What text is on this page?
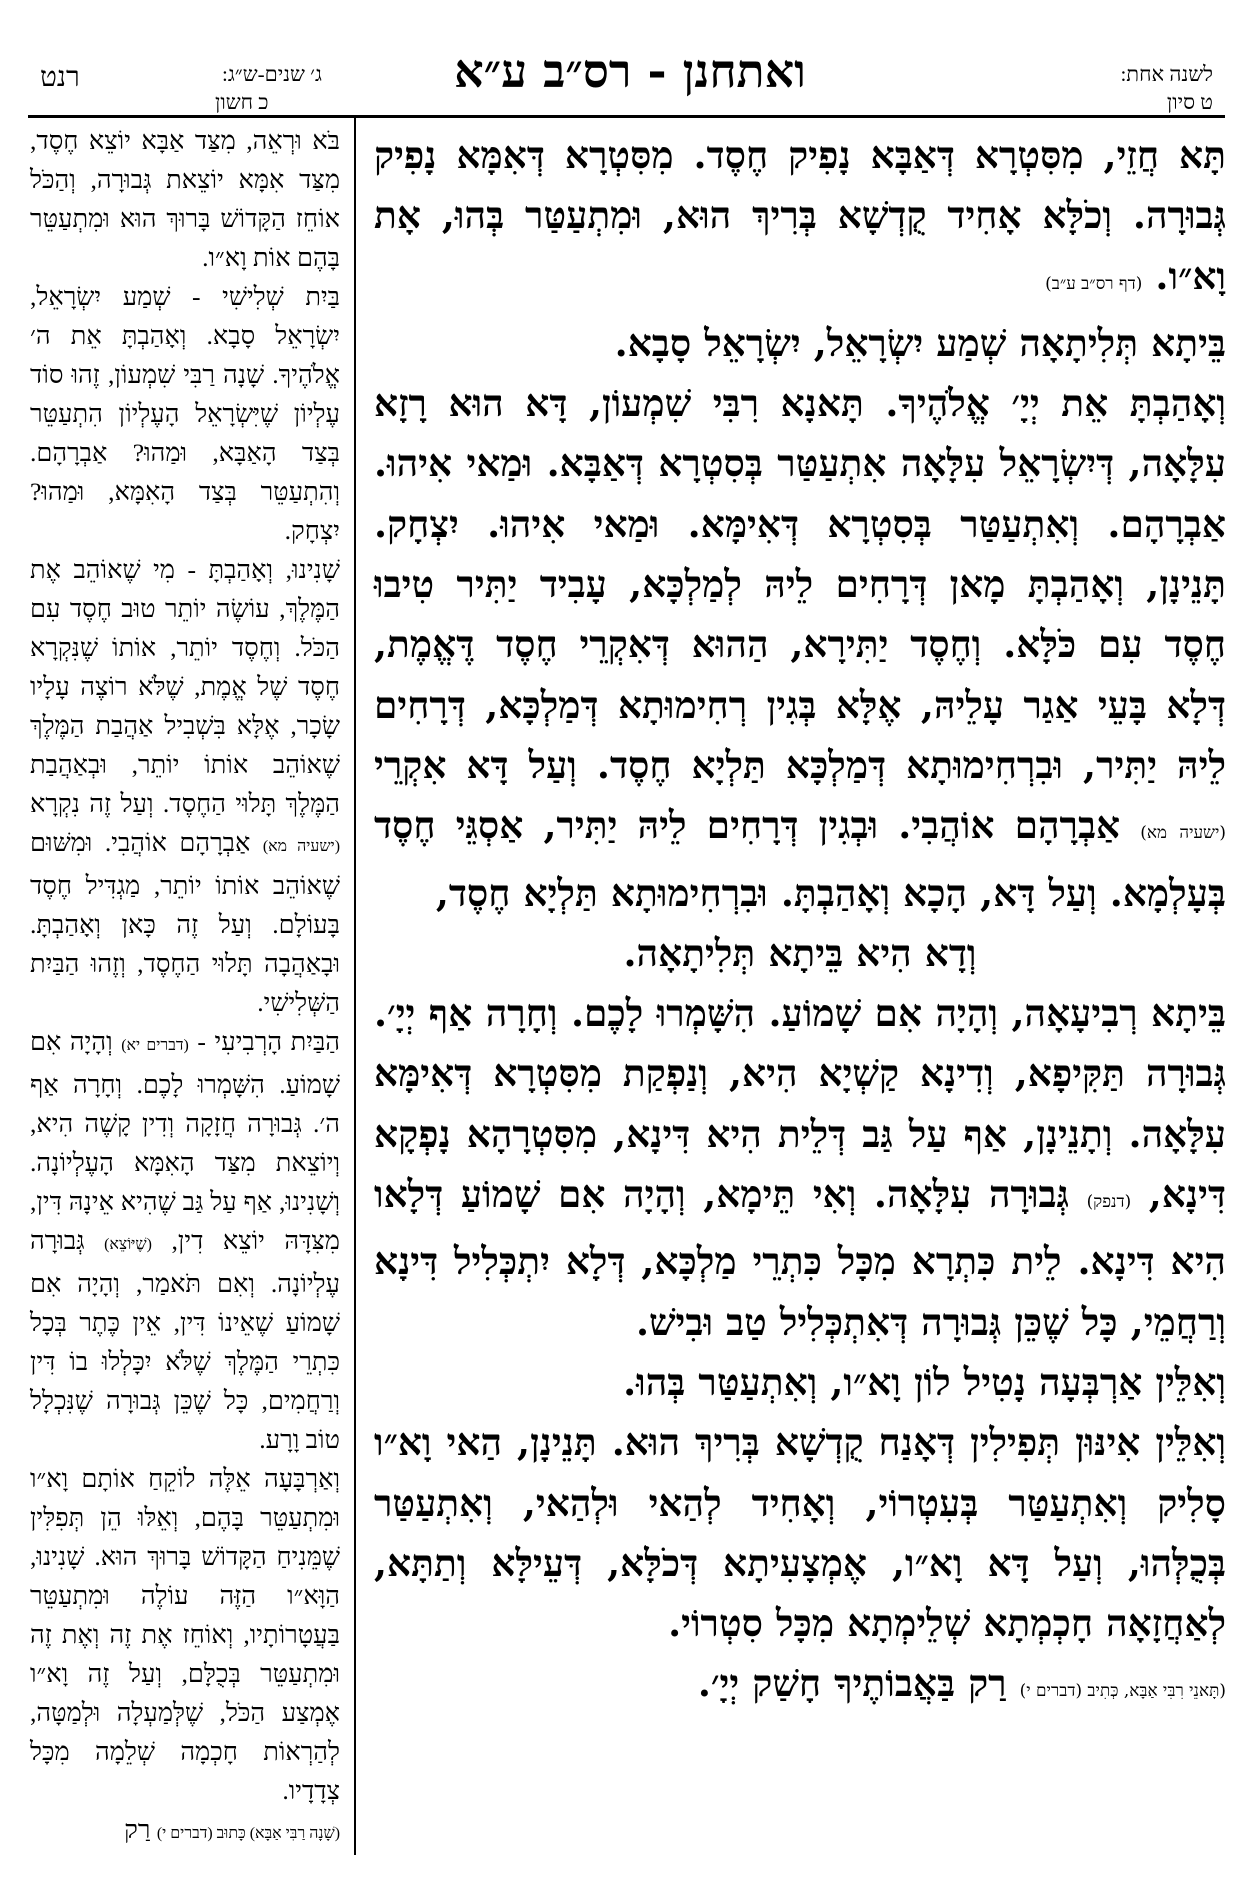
רנט	ג׳ שנים-ש״ג:
כ חשון
ואתחנן - רס״ב ע״א	לשנה אחת:
ט סיון

תָּא חֲזֵי, מִסִּטְרָא דְּאַבָּא נָפִיק חֶסֶד. מִסִּטְרָא דְּאִמָּא נָפִיק גְּבוּרָה. וְכֹלָּא אָחִיד קֻדְשָׁא בְּרִיךְ הוּא, וּמִתְעַטַּר בְּהוּ, אָת וָא״ו. (דף רס״ב ע״ב)

בֵּיתָא תְּלִיתָאָה שְׁמַע יִשְׂרָאֵל, יִשְׂרָאֵל סָבָא.

וְאָהַבְתָּ אֵת יְיָ׳ אֱלֹהֶיךָ. תָּאנָא רִבִּי שִׁמְעוֹן, דָּא הוּא רָזָא עִלָּאָה, דְּיִשְׂרָאֵל עִלָּאָה אִתְעַטַּר בְּסִטְרָא דְּאַבָּא. וּמַאי אִיהוּ. אַבְרָהָם. וְאִתְעַטַּר בְּסִטְרָא דְּאִימָּא. וּמַאי אִיהוּ. יִצְחָק. תָּנֵינָן, וְאָהַבְתָּ מָאן דְּרָחִים לֵיהּ לְמַלְכָּא, עָבִיד יַתִּיר טִיבוּ חֶסֶד עִם כֹּלָּא. וְחֶסֶד יַתִּירָא, הַהוּא דְּאִקְרֵי חֶסֶד דֶּאֱמֶת, דְּלָא בָּעֵי אַגַר עָלֵיהּ, אֶלָּא בְּגִין רְחִימוּתָא דְּמַלְכָּא, דְּרָחִים לֵיהּ יַתִּיר, וּבִרְחִימוּתָא דְּמַלְכָּא תַּלְיָא חֶסֶד. וְעַל דָּא אִקְרֵי (ישעיה מא) אַבְרָהָם אוֹהֲבִי. וּבְגִין דְּרָחִים לֵיהּ יַתִּיר, אַסְגֵּי חֶסֶד בְּעָלְמָא. וְעַל דָּא, הָכָא וְאָהַבְתָּ. וּבִרְחִימוּתָא תַּלְיָא חֶסֶד,

וְדָא הִיא בֵּיתָא תְּלִיתָאָה.

בֵּיתָא רְבִיעָאָה, וְהָיָה אִם שָׁמוֹעַ. הִשָּׁמְרוּ לָכֶם. וְחָרָה אַף יְיָ׳. גְּבוּרָה תַּקִּיפָא, וְדִינָא קַשְׁיָא הִיא, וְנַפְקַת מִסִּטְרָא דְּאִימָּא עִלָּאָה. וְתָנֵינָן, אַף עַל גַּב דְּלֵית הִיא דִּינָא, מִסִּטְרָהָא נָפְקָא דִּינָא, (דנפק) גְּבוּרָה עִלָּאָה. וְאִי תֵּימָא, וְהָיָה אִם שָׁמוֹעַ דְּלָאו הִיא דִּינָא. לֵית כִּתְרָא מִכָּל כִּתְרֵי מַלְכָּא, דְּלָא יִתְכְּלִיל דִּינָא וְרַחֲמֵי, כָּל שֶׁכֵּן גְּבוּרָה דְּאִתְכְּלִיל טַב וּבִישׁ.

וְאִלֵּין אַרְבְּעָה נָטִיל לוֹן וָא״ו, וְאִתְעַטַּר בְּהוּ.

וְאִלֵּין אִינּוּן תְּפִילִין דְּאָנַח קֻדְשָׁא בְּרִיךְ הוּא. תָּנֵינָן, הַאי וָא״ו סָלִיק וְאִתְעַטַּר בְּעִטְרוֹי, וְאָחִיד לְהַאי וּלְהַאי, וְאִתְעַטַּר בְּכֻלְּהוּ, וְעַל דָּא וָא״ו, אֶמְצָעִיתָא דְּכֹלָּא, דְּעֵילָּא וְתַתָּא, לְאַחֲזָאָה חָכְמְתָא שְׁלֵימְתָא מִכָּל סִטְרוֹי.

(תָּאנֵי רִבִּי אַבָּא, כְּתִיב (דברים י) רַק בַּאֲבוֹתֶיךָ חָשַׁק יְיָ׳.

בֹּא וּרְאֵה, מִצַּד אַבָּא יוֹצֵא חֶסֶד, מִצַּד אִמָּא יוֹצֵאת גְּבוּרָה, וְהַכֹּל אוֹחֵז הַקָּדוֹשׁ בָּרוּךְ הוּא וּמִתְעַטֵּר בָּהֶם אוֹת וָא״ו.

בַּיִת שְׁלִישִׁי - שְׁמַע יִשְׂרָאֵל, יִשְׂרָאֵל סָבָא. וְאָהַבְתָּ אֵת ה׳ אֱלֹהֶיךָ. שָׁנָה רַבִּי שִׁמְעוֹן, זֶהוּ סוֹד עֶלְיוֹן שֶׁיִּשְׂרָאֵל הָעֶלְיוֹן הִתְעַטֵּר בְּצַד הָאַבָּא, וּמַהוּ? אַבְרָהָם. וְהִתְעַטֵּר בְּצַד הָאִמָּא, וּמַהוּ? יִצְחָק.

שָׁנִינוּ, וְאָהַבְתָּ - מִי שֶׁאוֹהֵב אֶת הַמֶּלֶךְ, עוֹשֶׂה יוֹתֵר טוּב חֶסֶד עִם הַכֹּל. וְחֶסֶד יוֹתֵר, אוֹתוֹ שֶׁנִּקְרָא חֶסֶד שֶׁל אֱמֶת, שֶׁלֹּא רוֹצֶה עָלָיו שָׂכָר, אֶלָּא בִּשְׁבִיל אַהֲבַת הַמֶּלֶךְ שֶׁאוֹהֵב אוֹתוֹ יוֹתֵר, וּבְאַהֲבַת הַמֶּלֶךְ תָּלוּי הַחֶסֶד. וְעַל זֶה נִקְרָא (ישעיה מא) אַבְרָהָם אוֹהֲבִי. וּמִשּׁוּם שֶׁאוֹהֵב אוֹתוֹ יוֹתֵר, מַגְדִּיל חֶסֶד בָּעוֹלָם. וְעַל זֶה כָּאן וְאָהַבְתָּ. וּבָאַהֲבָה תָּלוּי הַחֶסֶד, וְזֶהוּ הַבַּיִת הַשְּׁלִישִׁי.

הַבַּיִת הָרְבִיעִי - (דברים יא) וְהָיָה אִם שָׁמוֹעַ. הִשָּׁמְרוּ לָכֶם. וְחָרָה אַף ה׳. גְּבוּרָה חֲזָקָה וְדִין קָשֶׁה הִיא, וְיוֹצֵאת מִצַּד הָאִמָּא הָעֶלְיוֹנָה. וְשָׁנִינוּ, אַף עַל גַּב שֶׁהִיא אֵינָהּ דִּין, מִצִּדָּהּ יוֹצֵא דִין, (שֶׁיּוֹצֵא) גְּבוּרָה עֶלְיוֹנָה. וְאִם תֹּאמַר, וְהָיָה אִם שָׁמוֹעַ שֶׁאֵינוֹ דִּין, אֵין כֶּתֶר בְּכָל כִּתְרֵי הַמֶּלֶךְ שֶׁלֹּא יִכָּלְלוּ בוֹ דִּין וְרַחֲמִים, כָּל שֶׁכֵּן גְּבוּרָה שֶׁנִּכְלָל טוֹב וָרָע.

וְאַרְבָּעָה אֵלֶּה לוֹקֵחַ אוֹתָם וָא״ו וּמִתְעַטֵּר בָּהֶם, וְאֵלּוּ הֵן תְּפִלִּין שֶׁמֵּנִיחַ הַקָּדוֹשׁ בָּרוּךְ הוּא. שָׁנִינוּ, הַוָּא״ו הַזֶּה עוֹלֶה וּמִתְעַטֵּר בַּעֲטָרוֹתָיו, וְאוֹחֵז אֶת זֶה וְאֶת זֶה וּמִתְעַטֵּר בְּכֻלָּם, וְעַל זֶה וָא״ו אֶמְצַע הַכֹּל, שֶׁלְּמַעְלָה וּלְמַטָּה, לְהַרְאוֹת חָכְמָה שְׁלֵמָה מִכָּל צְדָדָיו.

(שָׁנָה רַבִּי אַבָּא) כָּתוּב (דברים י) רַק
